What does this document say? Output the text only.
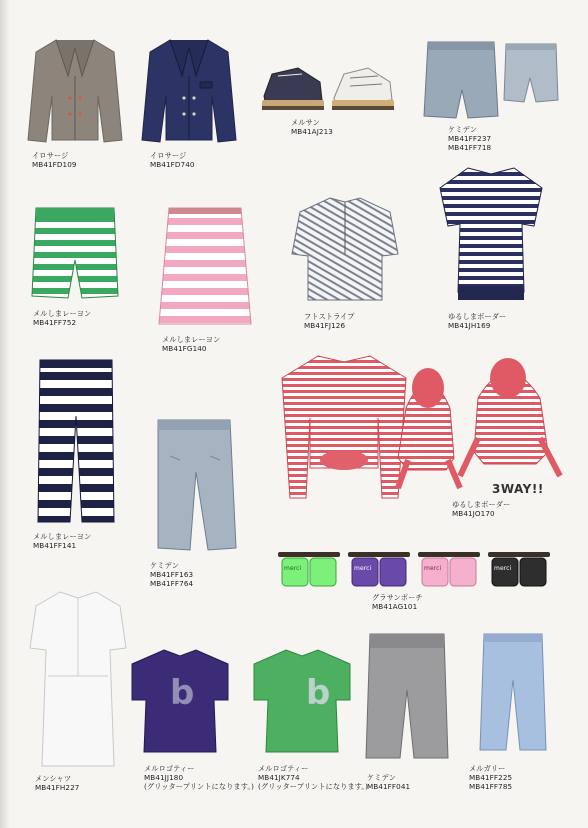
イロサージ
MB41FD109
イロサージ
MB41FD740
メルサン
MB41AJ213	ケミデン
MB41FF237
MB41FF718
メルしまレーヨン
MB41FF752
メルしまレーヨン
MB41FG140
フトストライプ
MB41FJ126
ゆるしまボーダー
MB41JH169
メルしまレーヨン
MB41FF141
ケミデン
MB41FF163
MB41FF764
3WAY!!
ゆるしまボーダー
MB41JO170
merci	merci	merci	merci
グラサンポーチ
MB41AG101
メンシャツ
MB41FH227
b
メルロゴティー
MB41JJ180
(グリッタープリントになります。)
b
メルロゴティー
MB41JK774
(グリッタープリントになります。)
ケミデン
MB41FF041
メルガリー
MB41FF225
MB41FF785
